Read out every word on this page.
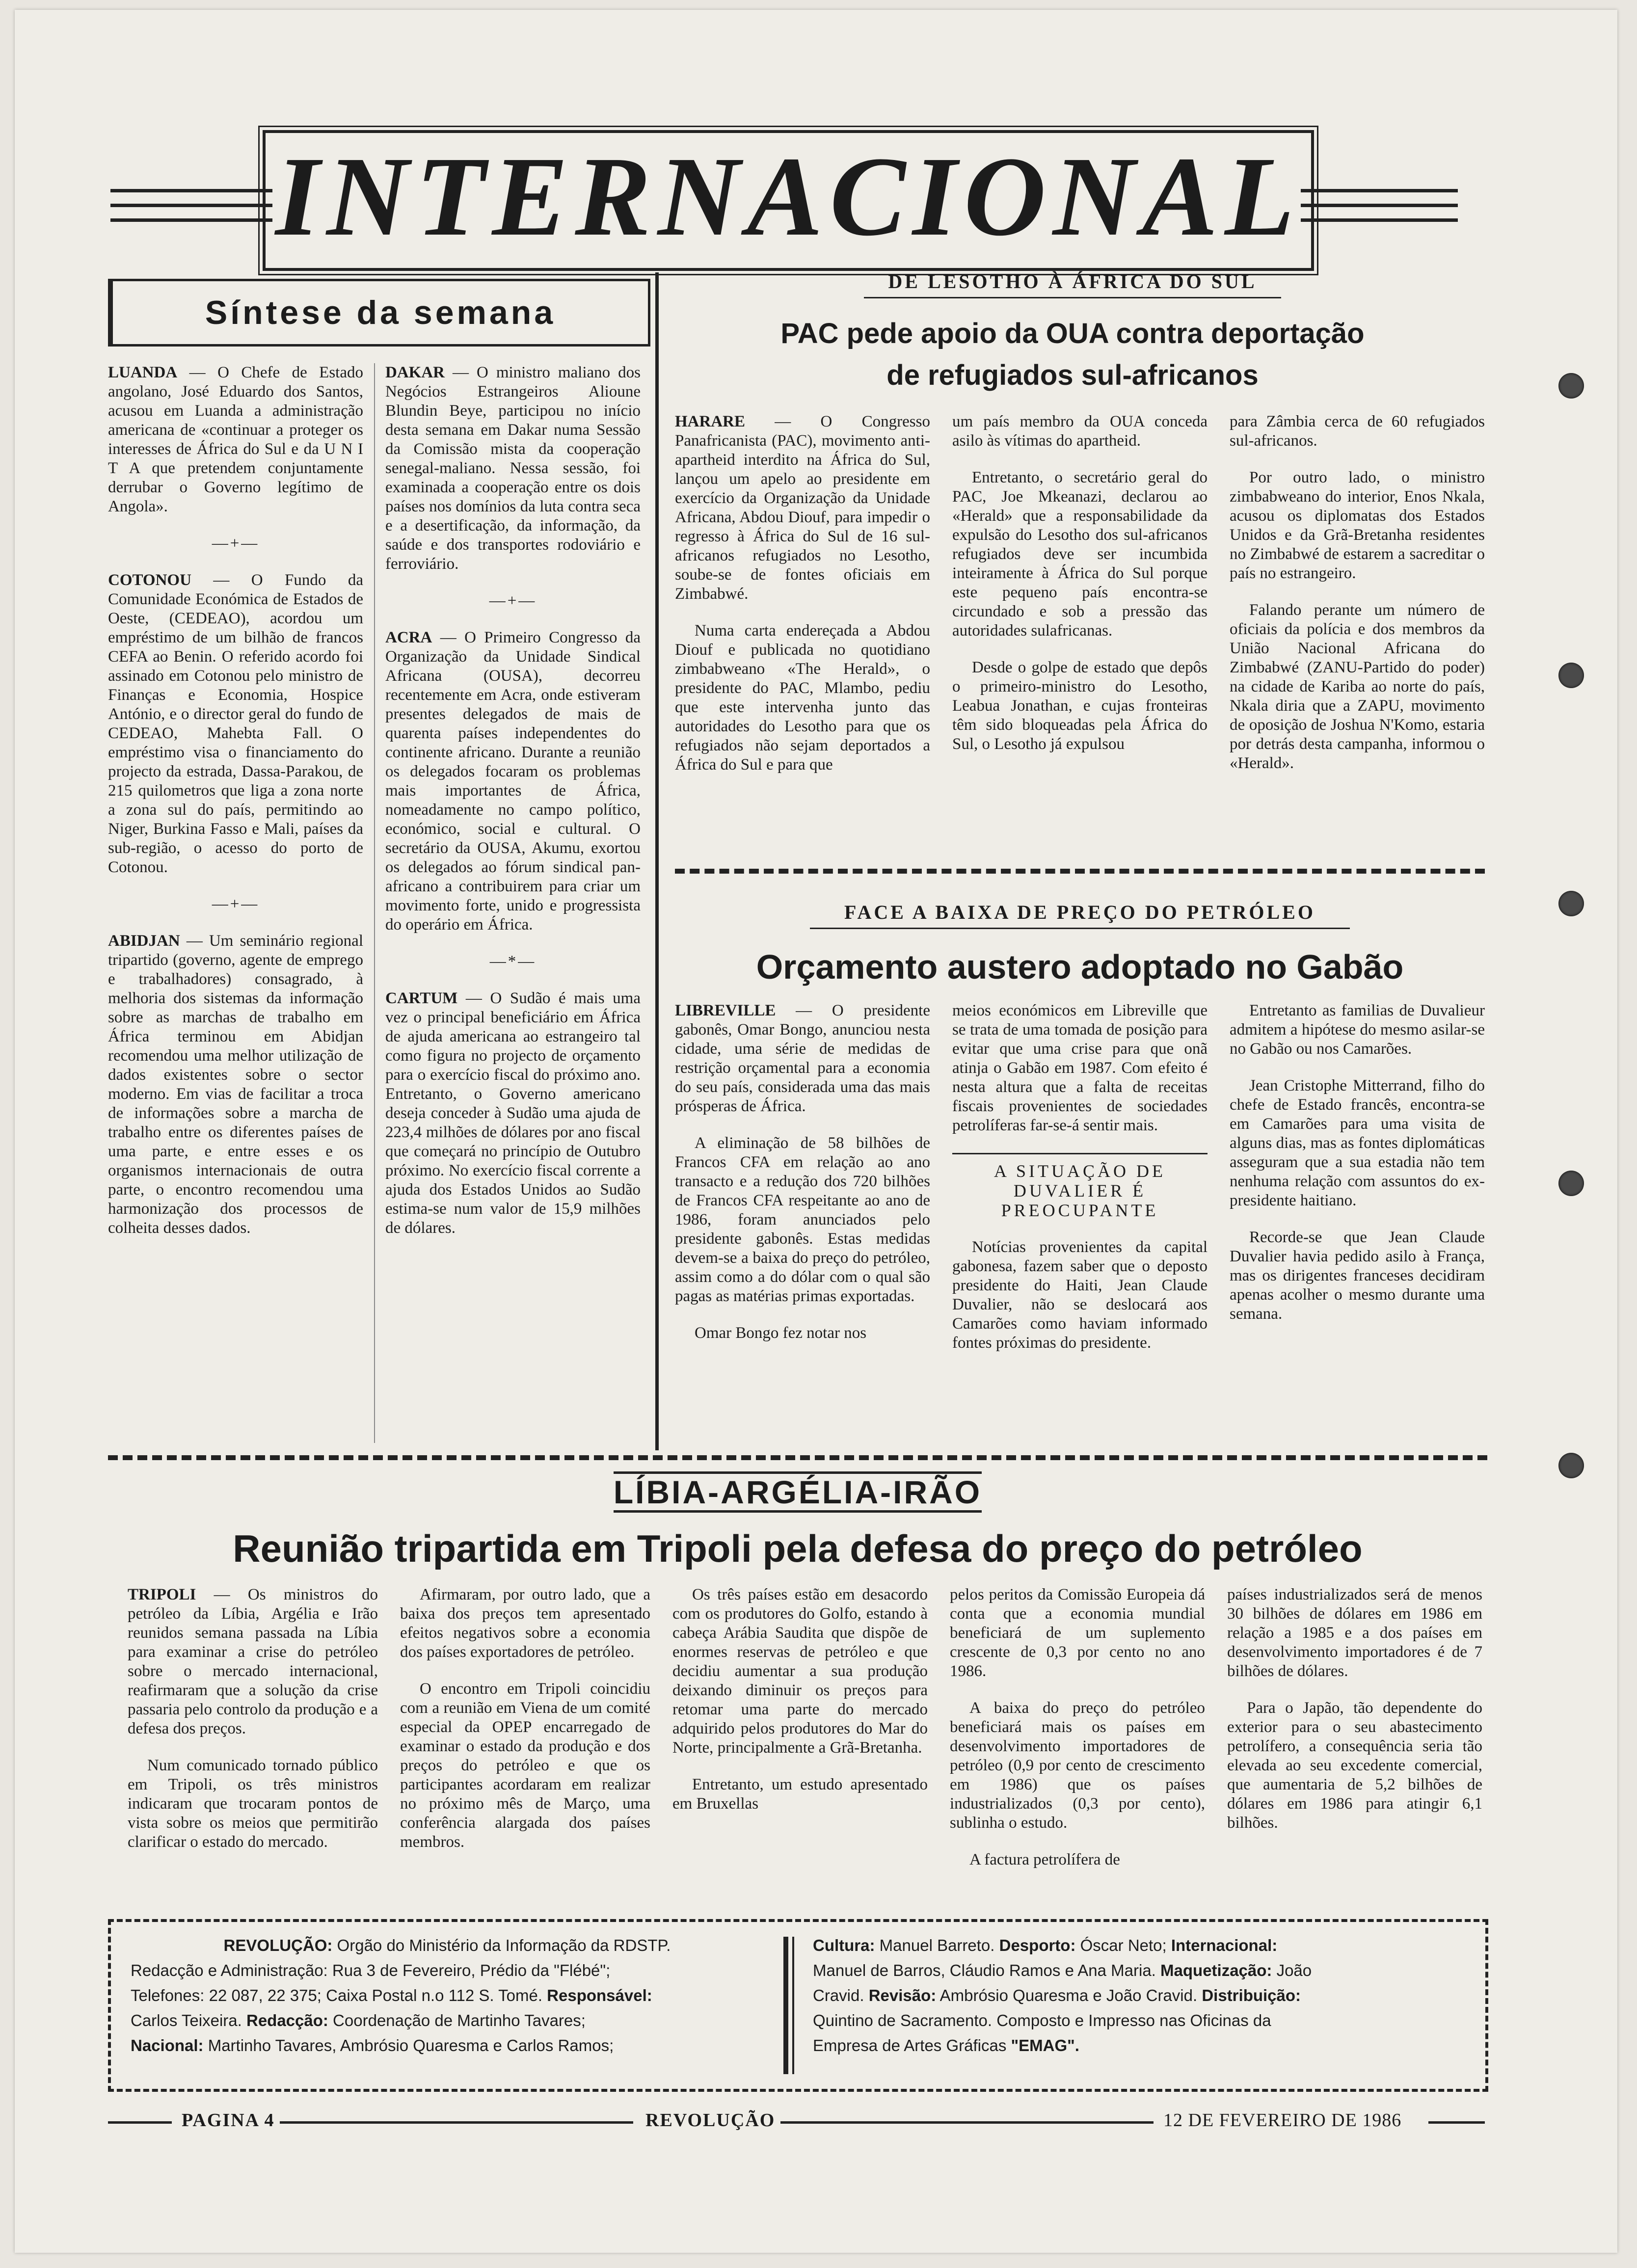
INTERNACIONAL
Síntese da semana

LUANDA — O Chefe de Estado angolano, José Eduardo dos Santos, acusou em Luanda a administração americana de «continuar a proteger os interesses de África do Sul e da U N I T A que pretendem conjuntamente derrubar o Governo legítimo de Angola».

—+—

COTONOU — O Fundo da Comunidade Económica de Estados de Oeste, (CEDEAO), acordou um empréstimo de um bilhão de francos CEFA ao Benin. O referido acordo foi assinado em Cotonou pelo ministro de Finanças e Economia, Hospice António, e o director geral do fundo de CEDEAO, Mahebta Fall. O empréstimo visa o financiamento do projecto da estrada, Dassa-Parakou, de 215 quilometros que liga a zona norte a zona sul do país, permitindo ao Niger, Burkina Fasso e Mali, países da sub-região, o acesso do porto de Cotonou.

—+—

ABIDJAN — Um seminário regional tripartido (governo, agente de emprego e trabalhadores) consagrado, à melhoria dos sistemas da informação sobre as marchas de trabalho em África terminou em Abidjan recomendou uma melhor utilização de dados existentes sobre o sector moderno. Em vias de facilitar a troca de informações sobre a marcha de trabalho entre os diferentes países de uma parte, e entre esses e os organismos internacionais de outra parte, o encontro recomendou uma harmonização dos processos de colheita desses dados.

DAKAR — O ministro maliano dos Negócios Estrangeiros Alioune Blundin Beye, participou no início desta semana em Dakar numa Sessão da Comissão mista da cooperação senegal-maliano. Nessa sessão, foi examinada a cooperação entre os dois países nos domínios da luta contra seca e a desertificação, da informação, da saúde e dos transportes rodoviário e ferroviário.

—+—

ACRA — O Primeiro Congresso da Organização da Unidade Sindical Africana (OUSA), decorreu recentemente em Acra, onde estiveram presentes delegados de mais de quarenta países independentes do continente africano. Durante a reunião os delegados focaram os problemas mais importantes de África, nomeadamente no campo político, económico, social e cultural. O secretário da OUSA, Akumu, exortou os delegados ao fórum sindical pan-africano a contribuirem para criar um movimento forte, unido e progressista do operário em África.

—*—

CARTUM — O Sudão é mais uma vez o principal beneficiário em África de ajuda americana ao estrangeiro tal como figura no projecto de orçamento para o exercício fiscal do próximo ano. Entretanto, o Governo americano deseja conceder à Sudão uma ajuda de 223,4 milhões de dólares por ano fiscal que começará no princípio de Outubro próximo. No exercício fiscal corrente a ajuda dos Estados Unidos ao Sudão estima-se num valor de 15,9 milhões de dólares.

DE LESOTHO À ÁFRICA DO SUL
PAC pede apoio da OUA contra deportação
de refugiados sul-africanos

HARARE — O Congresso Panafricanista (PAC), movimento anti-apartheid interdito na África do Sul, lançou um apelo ao presidente em exercício da Organização da Unidade Africana, Abdou Diouf, para impedir o regresso à África do Sul de 16 sul-africanos refugiados no Lesotho, soube-se de fontes oficiais em Zimbabwé.

Numa carta endereçada a Abdou Diouf e publicada no quotidiano zimbabweano «The Herald», o presidente do PAC, Mlambo, pediu que este intervenha junto das autoridades do Lesotho para que os refugiados não sejam deportados a África do Sul e para que

um país membro da OUA conceda asilo às vítimas do apartheid.

Entretanto, o secretário geral do PAC, Joe Mkeanazi, declarou ao «Herald» que a responsabilidade da expulsão do Lesotho dos sul-africanos refugiados deve ser incumbida inteiramente à África do Sul porque este pequeno país encontra-se circundado e sob a pressão das autoridades sulafricanas.

Desde o golpe de estado que depôs o primeiro-ministro do Lesotho, Leabua Jonathan, e cujas fronteiras têm sido bloqueadas pela África do Sul, o Lesotho já expulsou

para Zâmbia cerca de 60 refugiados sul-africanos.

Por outro lado, o ministro zimbabweano do interior, Enos Nkala, acusou os diplomatas dos Estados Unidos e da Grã-Bretanha residentes no Zimbabwé de estarem a sacreditar o país no estrangeiro.

Falando perante um número de oficiais da polícia e dos membros da União Nacional Africana do Zimbabwé (ZANU-Partido do poder) na cidade de Kariba ao norte do país, Nkala diria que a ZAPU, movimento de oposição de Joshua N'Komo, estaria por detrás desta campanha, informou o «Herald».

FACE A BAIXA DE PREÇO DO PETRÓLEO
Orçamento austero adoptado no Gabão

LIBREVILLE — O presidente gabonês, Omar Bongo, anunciou nesta cidade, uma série de medidas de restrição orçamental para a economia do seu país, considerada uma das mais prósperas de África.

A eliminação de 58 bilhões de Francos CFA em relação ao ano transacto e a redução dos 720 bilhões de Francos CFA respeitante ao ano de 1986, foram anunciados pelo presidente gabonês. Estas medidas devem-se a baixa do preço do petróleo, assim como a do dólar com o qual são pagas as matérias primas exportadas.

Omar Bongo fez notar nos

meios económicos em Libreville que se trata de uma tomada de posição para evitar que uma crise para que onã atinja o Gabão em 1987. Com efeito é nesta altura que a falta de receitas fiscais provenientes de sociedades petrolíferas far-se-á sentir mais.

A SITUAÇÃO DE DUVALIER É PREOCUPANTE

Notícias provenientes da capital gabonesa, fazem saber que o deposto presidente do Haiti, Jean Claude Duvalier, não se deslocará aos Camarões como haviam informado fontes próximas do presidente.

Entretanto as familias de Duvalieur admitem a hipótese do mesmo asilar-se no Gabão ou nos Camarões.

Jean Cristophe Mitterrand, filho do chefe de Estado francês, encontra-se em Camarões para uma visita de alguns dias, mas as fontes diplomáticas asseguram que a sua estadia não tem nenhuma relação com assuntos do ex-presidente haitiano.

Recorde-se que Jean Claude Duvalier havia pedido asilo à França, mas os dirigentes franceses decidiram apenas acolher o mesmo durante uma semana.

LÍBIA-ARGÉLIA-IRÃO
Reunião tripartida em Tripoli pela defesa do preço do petróleo

TRIPOLI — Os ministros do petróleo da Líbia, Argélia e Irão reunidos semana passada na Líbia para examinar a crise do petróleo sobre o mercado internacional, reafirmaram que a solução da crise passaria pelo controlo da produção e a defesa dos preços.

Num comunicado tornado público em Tripoli, os três ministros indicaram que trocaram pontos de vista sobre os meios que permitirão clarificar o estado do mercado.

Afirmaram, por outro lado, que a baixa dos preços tem apresentado efeitos negativos sobre a economia dos países exportadores de petróleo.

O encontro em Tripoli coincidiu com a reunião em Viena de um comité especial da OPEP encarregado de examinar o estado da produção e dos preços do petróleo e que os participantes acordaram em realizar no próximo mês de Março, uma conferência alargada dos países membros.

Os três países estão em desacordo com os produtores do Golfo, estando à cabeça Arábia Saudita que dispõe de enormes reservas de petróleo e que decidiu aumentar a sua produção deixando diminuir os preços para retomar uma parte do mercado adquirido pelos produtores do Mar do Norte, principalmente a Grã-Bretanha.

Entretanto, um estudo apresentado em Bruxellas

pelos peritos da Comissão Europeia dá conta que a economia mundial beneficiará de um suplemento crescente de 0,3 por cento no ano 1986.

A baixa do preço do petróleo beneficiará mais os países em desenvolvimento importadores de petróleo (0,9 por cento de crescimento em 1986) que os países industrializados (0,3 por cento), sublinha o estudo.

A factura petrolífera de

países industrializados será de menos 30 bilhões de dólares em 1986 em relação a 1985 e a dos países em desenvolvimento importadores é de 7 bilhões de dólares.

Para o Japão, tão dependente do exterior para o seu abastecimento petrolífero, a consequência seria tão elevada ao seu excedente comercial, que aumentaria de 5,2 bilhões de dólares em 1986 para atingir 6,1 bilhões.

REVOLUÇÃO: Orgão do Ministério da Informação da RDSTP.
Redacção e Administração: Rua 3 de Fevereiro, Prédio da "Flébé";
Telefones: 22 087, 22 375; Caixa Postal n.o 112 S. Tomé. Responsável:
Carlos Teixeira. Redacção: Coordenação de Martinho Tavares;
Nacional: Martinho Tavares, Ambrósio Quaresma e Carlos Ramos;
Cultura: Manuel Barreto. Desporto: Óscar Neto; Internacional:
Manuel de Barros, Cláudio Ramos e Ana Maria. Maquetização: João
Cravid. Revisão: Ambrósio Quaresma e João Cravid. Distribuição:
Quintino de Sacramento. Composto e Impresso nas Oficinas da
Empresa de Artes Gráficas "EMAG".
PAGINA 4	REVOLUÇÃO	12 DE FEVEREIRO DE 1986
